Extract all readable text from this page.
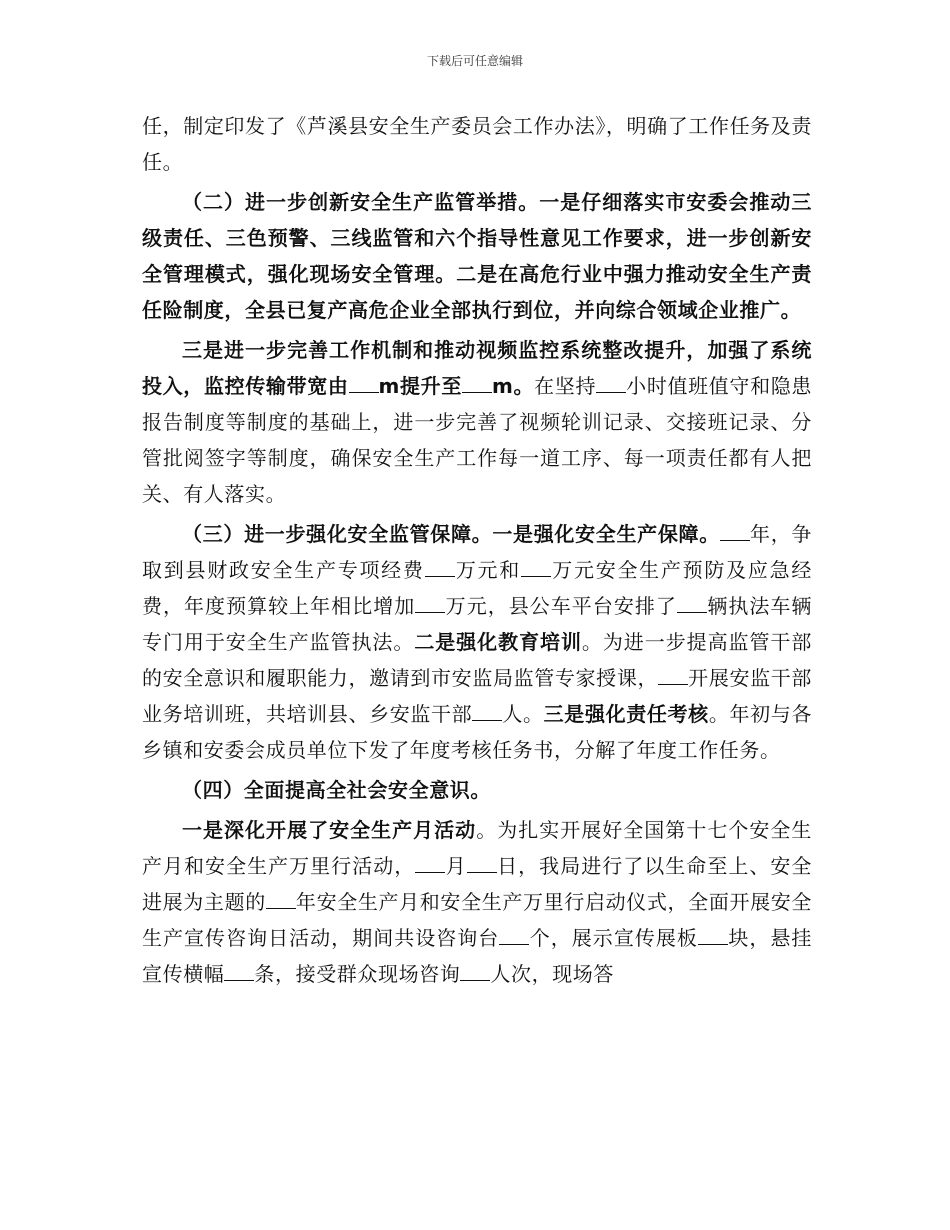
下载后可任意编辑

任，制定印发了《芦溪县安全生产委员会工作办法》，明确了工作任务及责任。

（二）进一步创新安全生产监管举措。一是仔细落实市安委会推动三级责任、三色预警、三线监管和六个指导性意见工作要求，进一步创新安全管理模式，强化现场安全管理。二是在高危行业中强力推动安全生产责任险制度，全县已复产高危企业全部执行到位，并向综合领域企业推广。

三是进一步完善工作机制和推动视频监控系统整改提升，加强了系统投入，监控传输带宽由 m提升至 m。在坚持 小时值班值守和隐患报告制度等制度的基础上，进一步完善了视频轮训记录、交接班记录、分管批阅签字等制度，确保安全生产工作每一道工序、每一项责任都有人把关、有人落实。

（三）进一步强化安全监管保障。一是强化安全生产保障。 年，争取到县财政安全生产专项经费 万元和 万元安全生产预防及应急经费，年度预算较上年相比增加 万元，县公车平台安排了 辆执法车辆专门用于安全生产监管执法。二是强化教育培训。为进一步提高监管干部的安全意识和履职能力，邀请到市安监局监管专家授课， 开展安监干部业务培训班，共培训县、乡安监干部 人。三是强化责任考核。年初与各乡镇和安委会成员单位下发了年度考核任务书，分解了年度工作任务。

（四）全面提高全社会安全意识。

一是深化开展了安全生产月活动。为扎实开展好全国第十七个安全生产月和安全生产万里行活动， 月 日，我局进行了以生命至上、安全进展为主题的 年安全生产月和安全生产万里行启动仪式，全面开展安全生产宣传咨询日活动，期间共设咨询台 个，展示宣传展板 块，悬挂宣传横幅 条，接受群众现场咨询 人次，现场答
